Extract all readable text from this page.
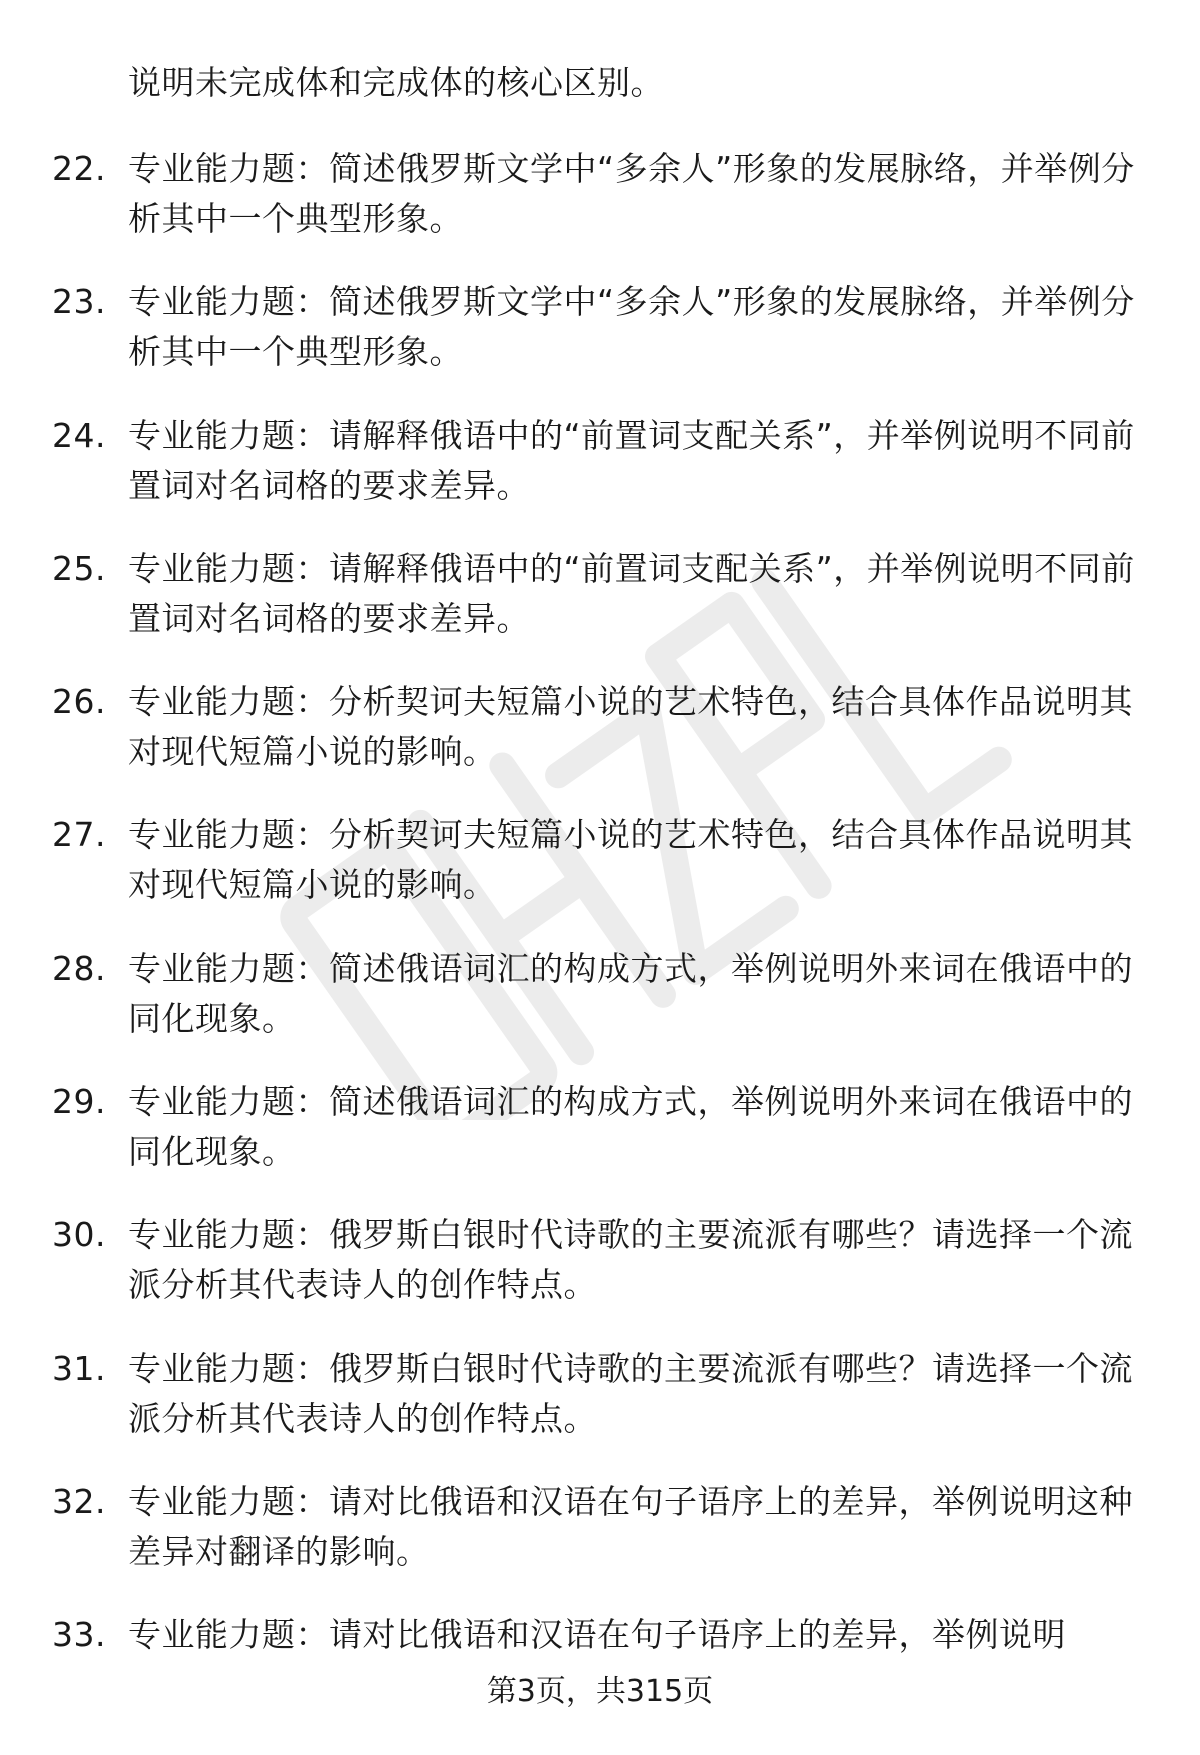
说明未完成体和完成体的核心区别。
22. 专业能力题：简述俄罗斯文学中“多余人”形象的发展脉络，并举例分析其中一个典型形象。
23. 专业能力题：简述俄罗斯文学中“多余人”形象的发展脉络，并举例分析其中一个典型形象。
24. 专业能力题：请解释俄语中的“前置词支配关系”，并举例说明不同前置词对名词格的要求差异。
25. 专业能力题：请解释俄语中的“前置词支配关系”，并举例说明不同前置词对名词格的要求差异。
26. 专业能力题：分析契诃夫短篇小说的艺术特色，结合具体作品说明其对现代短篇小说的影响。
27. 专业能力题：分析契诃夫短篇小说的艺术特色，结合具体作品说明其对现代短篇小说的影响。
28. 专业能力题：简述俄语词汇的构成方式，举例说明外来词在俄语中的同化现象。
29. 专业能力题：简述俄语词汇的构成方式，举例说明外来词在俄语中的同化现象。
30. 专业能力题：俄罗斯白银时代诗歌的主要流派有哪些？请选择一个流派分析其代表诗人的创作特点。
31. 专业能力题：俄罗斯白银时代诗歌的主要流派有哪些？请选择一个流派分析其代表诗人的创作特点。
32. 专业能力题：请对比俄语和汉语在句子语序上的差异，举例说明这种差异对翻译的影响。
33. 专业能力题：请对比俄语和汉语在句子语序上的差异，举例说明
第3页，共315页
